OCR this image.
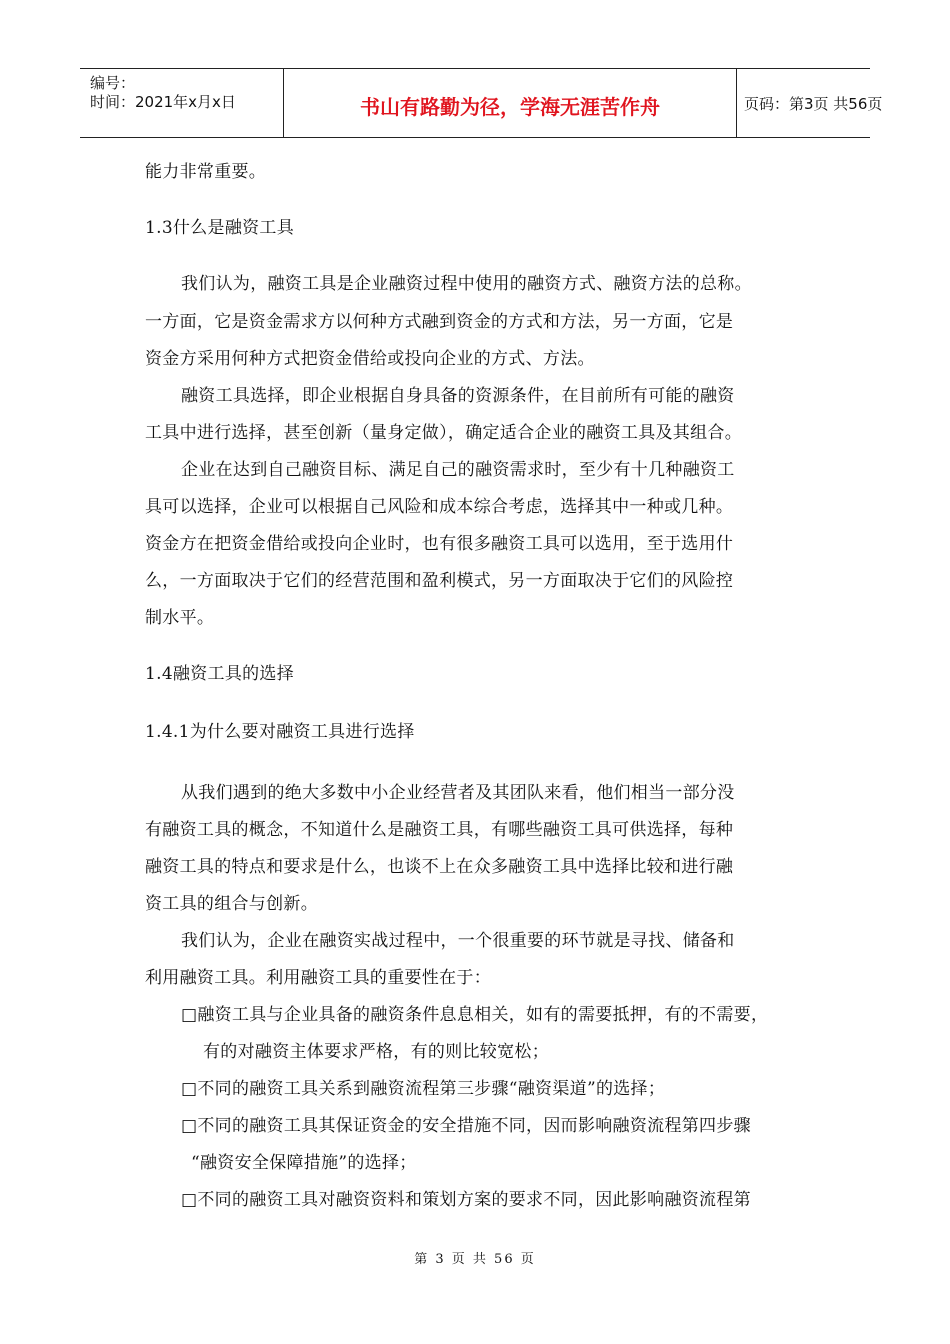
编号：
时间：2021年x月x日	书山有路勤为径，学海无涯苦作舟	页码：第3页 共56页
能力非常重要。
1.3什么是融资工具
我们认为，融资工具是企业融资过程中使用的融资方式、融资方法的总称。
一方面，它是资金需求方以何种方式融到资金的方式和方法，另一方面，它是
资金方采用何种方式把资金借给或投向企业的方式、方法。
融资工具选择，即企业根据自身具备的资源条件，在目前所有可能的融资
工具中进行选择，甚至创新（量身定做），确定适合企业的融资工具及其组合。
企业在达到自己融资目标、满足自己的融资需求时，至少有十几种融资工
具可以选择，企业可以根据自己风险和成本综合考虑，选择其中一种或几种。
资金方在把资金借给或投向企业时，也有很多融资工具可以选用，至于选用什
么，一方面取决于它们的经营范围和盈利模式，另一方面取决于它们的风险控
制水平。
1.4融资工具的选择
1.4.1为什么要对融资工具进行选择
从我们遇到的绝大多数中小企业经营者及其团队来看，他们相当一部分没
有融资工具的概念，不知道什么是融资工具，有哪些融资工具可供选择，每种
融资工具的特点和要求是什么，也谈不上在众多融资工具中选择比较和进行融
资工具的组合与创新。
我们认为，企业在融资实战过程中，一个很重要的环节就是寻找、储备和
利用融资工具。利用融资工具的重要性在于：
□融资工具与企业具备的融资条件息息相关，如有的需要抵押，有的不需要，
有的对融资主体要求严格，有的则比较宽松；
□不同的融资工具关系到融资流程第三步骤“融资渠道”的选择；
□不同的融资工具其保证资金的安全措施不同，因而影响融资流程第四步骤
“融资安全保障措施”的选择；
□不同的融资工具对融资资料和策划方案的要求不同，因此影响融资流程第
第 3 页 共 56 页
